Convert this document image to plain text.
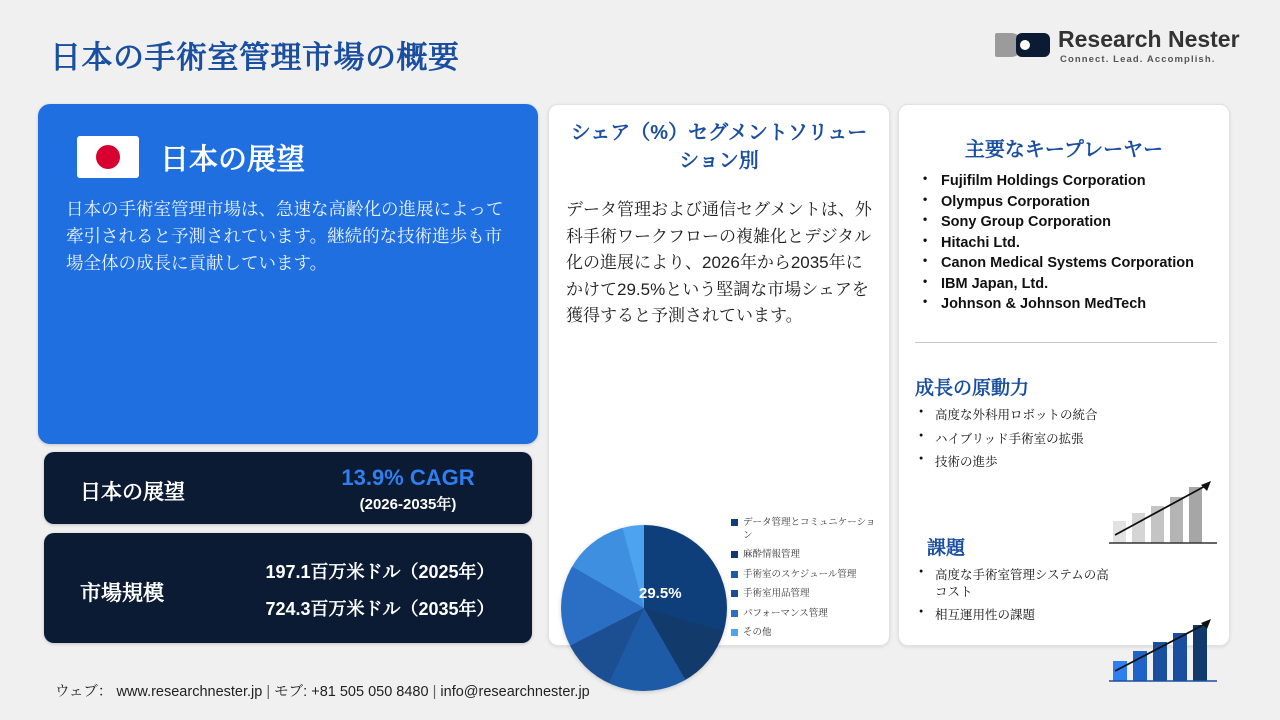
日本の手術室管理市場の概要
Research Nester
Connect. Lead. Accomplish.
日本の展望
日本の手術室管理市場は、急速な高齢化の進展によって牽引されると予測されています。継続的な技術進歩も市場全体の成長に貢献しています。
日本の展望
13.9% CAGR
(2026-2035年)
市場規模
197.1百万米ドル（2025年）
724.3百万米ドル（2035年）
シェア（%）セグメントソリューション別
データ管理および通信セグメントは、外科手術ワークフローの複雑化とデジタル化の進展により、2026年から2035年にかけて29.5%という堅調な市場シェアを獲得すると予測されています。
29.5%
データ管理とコミュニケーション
麻酔情報管理
手術室のスケジュール管理
手術室用品管理
パフォーマンス管理
その他
主要なキープレーヤー
• Fujifilm Holdings Corporation
• Olympus Corporation
• Sony Group Corporation
• Hitachi Ltd.
• Canon Medical Systems Corporation
• IBM Japan, Ltd.
• Johnson & Johnson MedTech
成長の原動力
● 高度な外科用ロボットの統合
● ハイブリッド手術室の拡張
● 技術の進歩
課題
● 高度な手術室管理システムの高コスト
● 相互運用性の課題
ウェブ： www.researchnester.jp | モブ: +81 505 050 8480 | info@researchnester.jp
